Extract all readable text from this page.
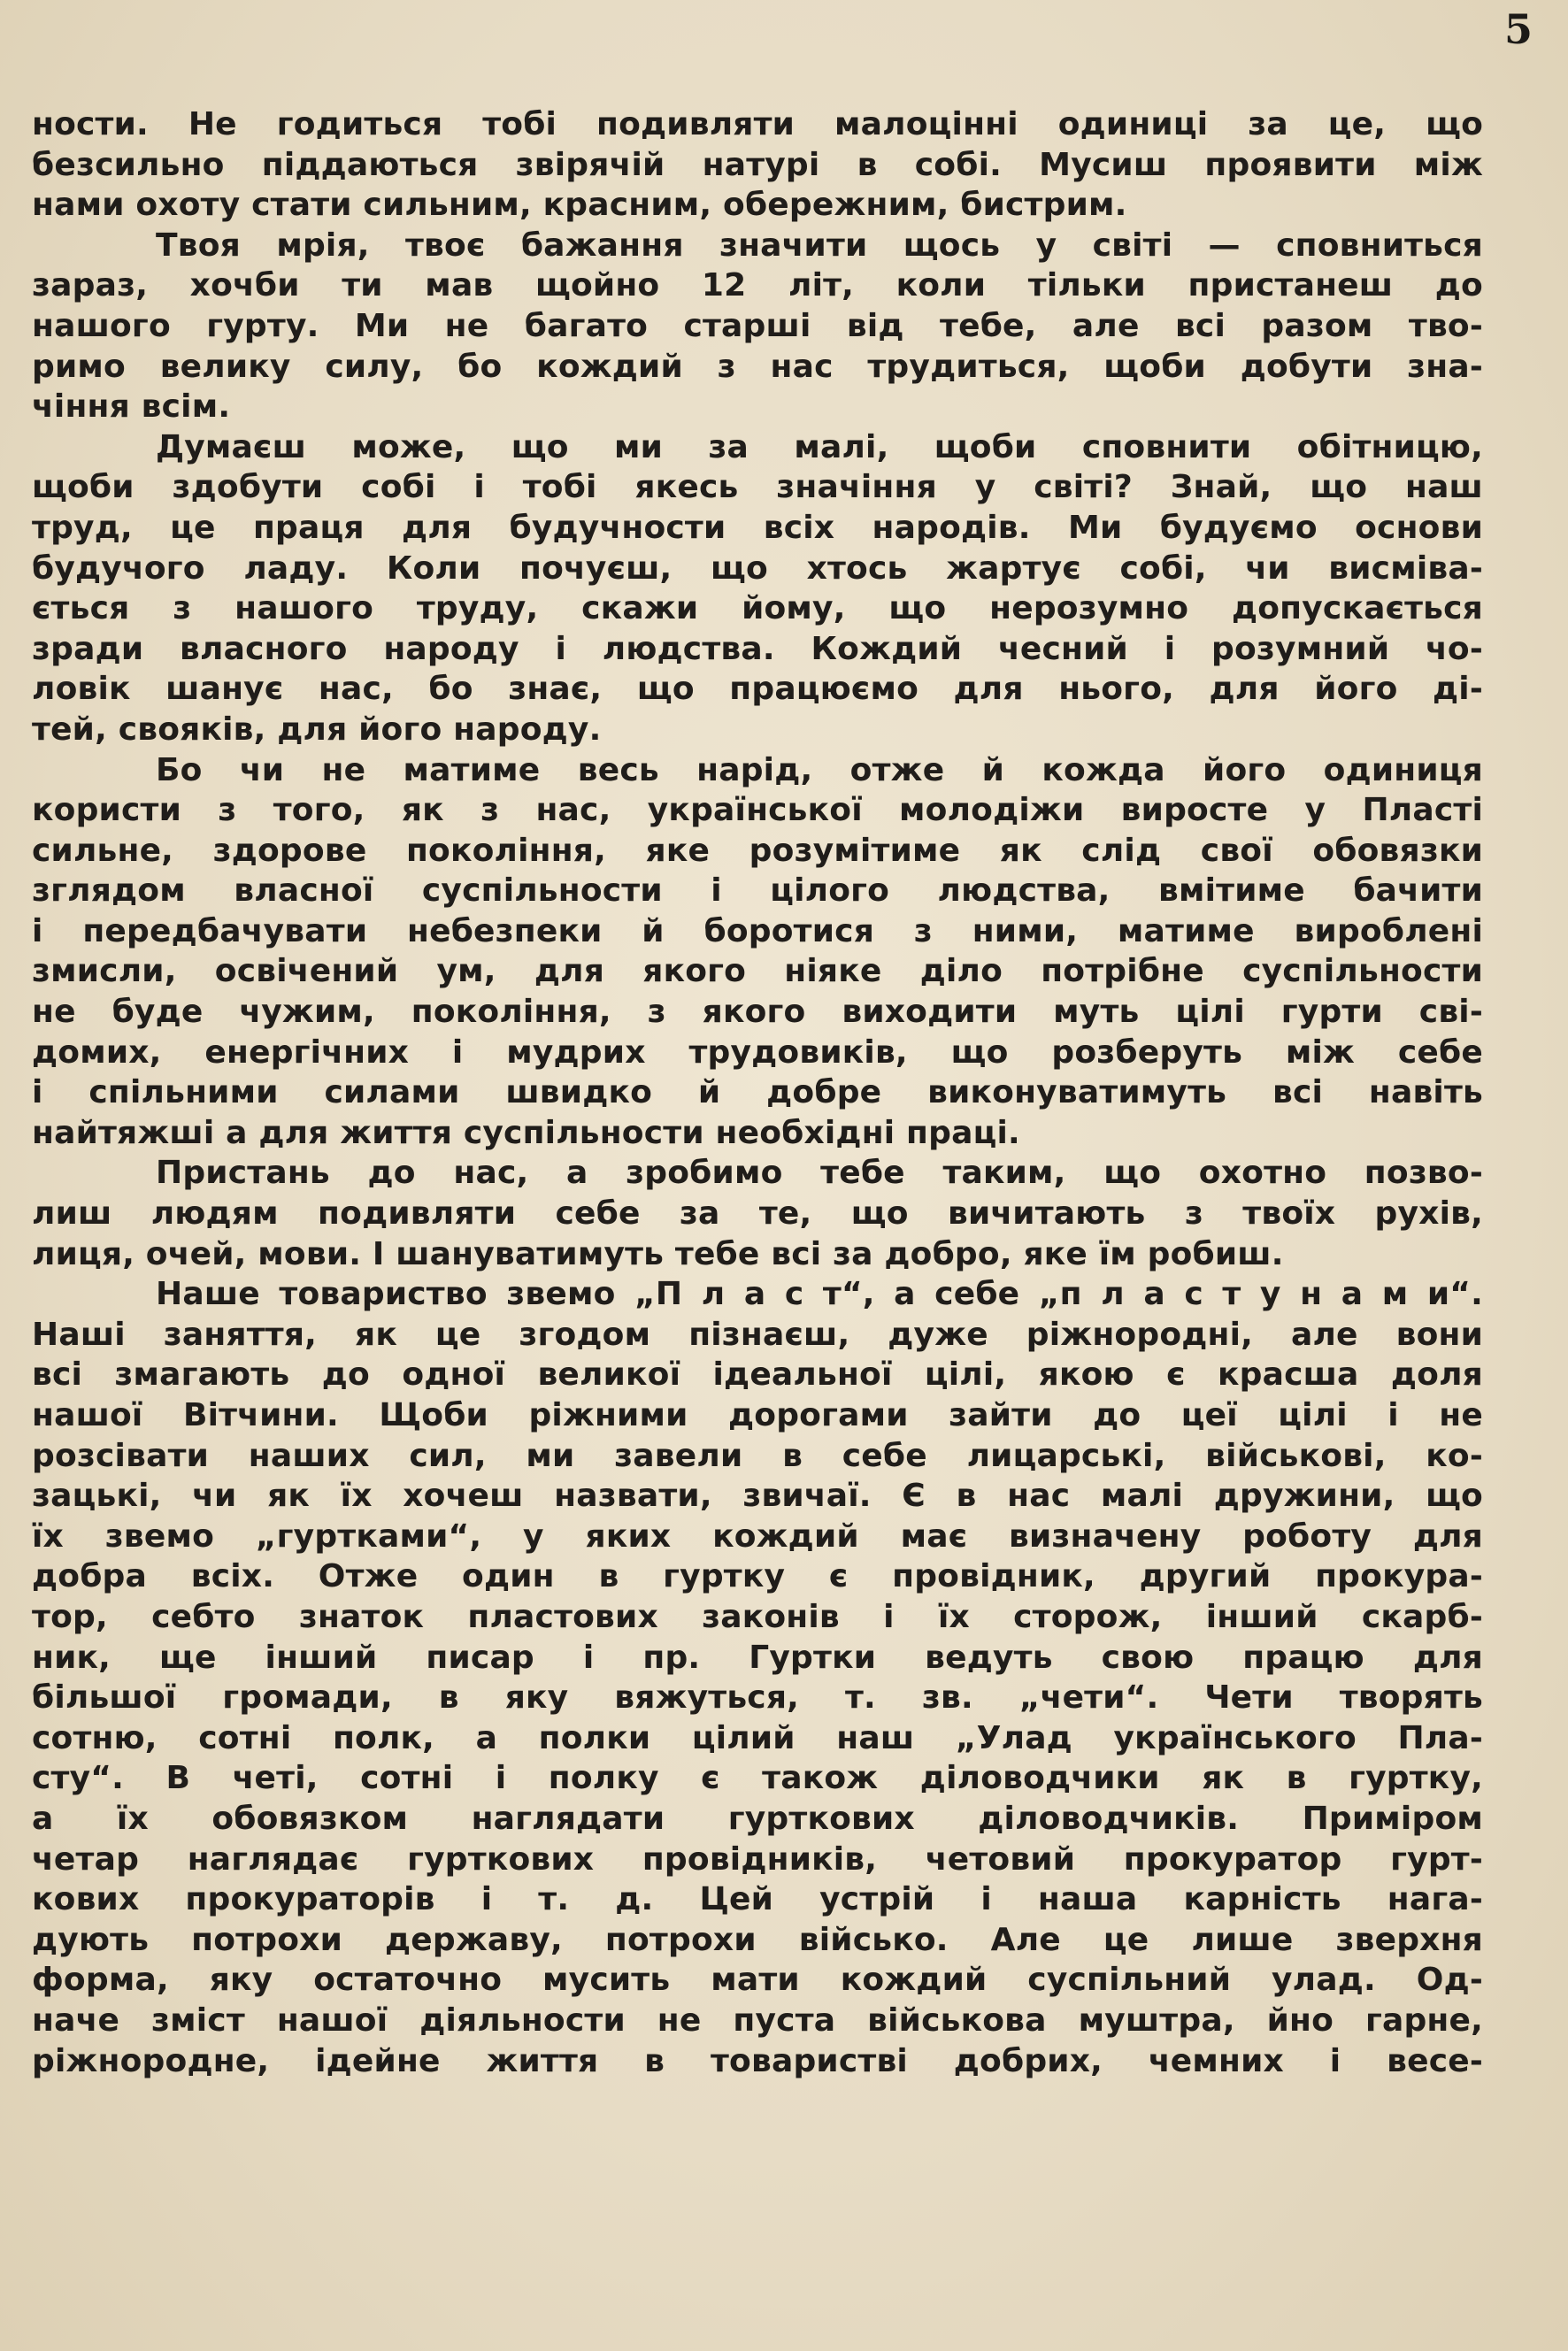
5
ности. Не годиться тобі подивляти малоцінні одиниці за це, що
безсильно піддаються звірячій натурі в собі. Мусиш проявити між
нами охоту стати сильним, красним, обережним, бистрим.
Твоя мрія, твоє бажання значити щось у світі — сповниться
зараз, хочби ти мав щойно 12 літ, коли тільки пристанеш до
нашого гурту. Ми не багато старші від тебе, але всі разом тво-
римо велику силу, бо кождий з нас трудиться, щоби добути зна-
чіння всім.
Думаєш може, що ми за малі, щоби сповнити обітницю,
щоби здобути собі і тобі якесь значіння у світі? Знай, що наш
труд, це праця для будучности всіх народів. Ми будуємо основи
будучого ладу. Коли почуєш, що хтось жартує собі, чи висміва-
ється з нашого труду, скажи йому, що нерозумно допускається
зради власного народу і людства. Кождий чесний і розумний чо-
ловік шанує нас, бо знає, що працюємо для нього, для його ді-
тей, свояків, для його народу.
Бо чи не матиме весь нарід, отже й кожда його одиниця
користи з того, як з нас, української молодіжи виросте у Пласті
сильне, здорове покоління, яке розумітиме як слід свої обовязки
зглядом власної суспільности і цілого людства, вмітиме бачити
і передбачувати небезпеки й боротися з ними, матиме вироблені
змисли, освічений ум, для якого ніяке діло потрібне суспільности
не буде чужим, покоління, з якого виходити муть цілі гурти сві-
домих, енергічних і мудрих трудовиків, що розберуть між себе
і спільними силами швидко й добре виконуватимуть всі навіть
найтяжші а для життя суспільности необхідні праці.
Пристань до нас, а зробимо тебе таким, що охотно позво-
лиш людям подивляти себе за те, що вичитають з твоїх рухів,
лиця, очей, мови. І шануватимуть тебе всі за добро, яке їм робиш.
Наше товариство звемо „П л а с т“, а себе „п л а с т у н а м и“.
Наші заняття, як це згодом пізнаєш, дуже ріжнородні, але вони
всі змагають до одної великої ідеальної цілі, якою є красша доля
нашої Вітчини. Щоби ріжними дорогами зайти до цеї цілі і не
розсівати наших сил, ми завели в себе лицарські, військові, ко-
зацькі, чи як їх хочеш назвати, звичаї. Є в нас малі дружини, що
їх звемо „гуртками“, у яких кождий має визначену роботу для
добра всіх. Отже один в гуртку є провідник, другий прокура-
тор, себто знаток пластових законів і їх сторож, інший скарб-
ник, ще інший писар і пр. Гуртки ведуть свою працю для
більшої громади, в яку вяжуться, т. зв. „чети“. Чети творять
сотню, сотні полк, а полки цілий наш „Улад українського Пла-
сту“. В четі, сотні і полку є також діловодчики як в гуртку,
а їх обовязком наглядати гурткових діловодчиків. Приміром
четар наглядає гурткових провідників, четовий прокуратор гурт-
кових прокураторів і т. д. Цей устрій і наша карність нага-
дують потрохи державу, потрохи військо. Але це лише зверхня
форма, яку остаточно мусить мати кождий суспільний улад. Од-
наче зміст нашої діяльности не пуста військова муштра, йно гарне,
ріжнородне, ідейне життя в товаристві добрих, чемних і весе-
